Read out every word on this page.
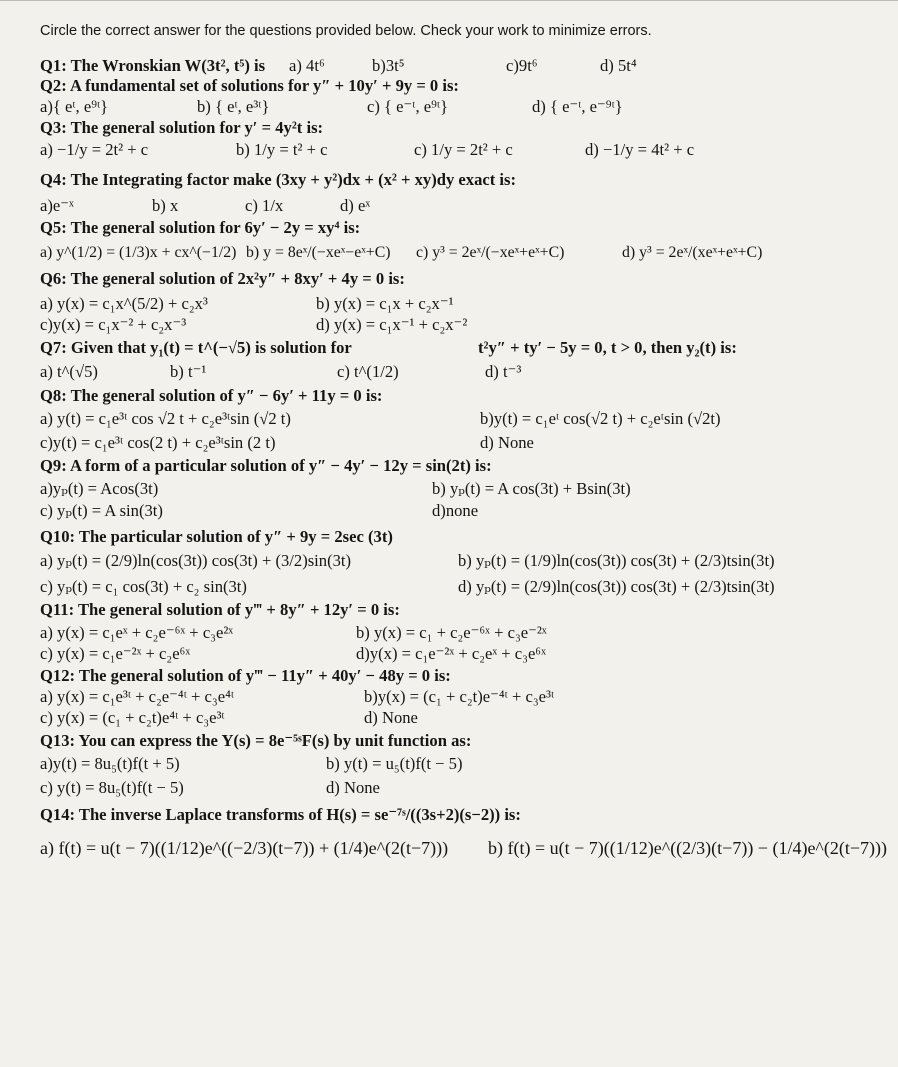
Circle the correct answer for the questions provided below. Check your work to minimize errors.
Q1: The Wronskian W(3t², t⁵) is a) 4t⁶	b)3t⁵	c)9t⁶	d) 5t⁴
Q2: A fundamental set of solutions for y″ + 10y′ + 9y = 0 is:
a){ eᵗ, e⁹ᵗ}	b) { eᵗ, e³ᵗ}	c) { e⁻ᵗ, e⁹ᵗ}	d) { e⁻ᵗ, e⁻⁹ᵗ}
Q3: The general solution for y′ = 4y²t is:
a) −1/y = 2t² + c	b) 1/y = t² + c	c) 1/y = 2t² + c	d) −1/y = 4t² + c
Q4: The Integrating factor make (3xy + y²)dx + (x² + xy)dy exact is:
a)e⁻ˣ	b) x	c) 1/x	d) eˣ
Q5: The general solution for 6y′ − 2y = xy⁴ is:
a) y^(1/2) = (1/3)x + cx^(−1/2) b) y = 8eˣ/(−xeˣ−eˣ+C) c) y³ = 2eˣ/(−xeˣ+eˣ+C)	d) y³ = 2eˣ/(xeˣ+eˣ+C)
Q6: The general solution of 2x²y″ + 8xy′ + 4y = 0 is:
a) y(x) = c₁x^(5/2) + c₂x³	b) y(x) = c₁x + c₂x⁻¹
c)y(x) = c₁x⁻² + c₂x⁻³	d) y(x) = c₁x⁻¹ + c₂x⁻²
Q7: Given that y₁(t) = t^(−√5) is solution for	t²y″ + ty′ − 5y = 0, t > 0, then y₂(t) is:
a) t^(√5)	b) t⁻¹	c) t^(1/2)	d) t⁻³
Q8: The general solution of y″ − 6y′ + 11y = 0 is:
a) y(t) = c₁e³ᵗ cos √2 t + c₂e³ᵗsin (√2 t)	b)y(t) = c₁eᵗ cos(√2 t) + c₂eᵗsin (√2t)
c)y(t) = c₁e³ᵗ cos(2 t) + c₂e³ᵗsin (2 t)	d) None
Q9: A form of a particular solution of y″ − 4y′ − 12y = sin(2t) is:
a)yₚ(t) = Acos(3t)	b) yₚ(t) = A cos(3t) + Bsin(3t)
c) yₚ(t) = A sin(3t)	d)none
Q10: The particular solution of y″ + 9y = 2sec (3t)
a) yₚ(t) = (2/9)ln(cos(3t)) cos(3t) + (3/2)sin(3t)	b) yₚ(t) = (1/9)ln(cos(3t)) cos(3t) + (2/3)tsin(3t)
c) yₚ(t) = c₁ cos(3t) + c₂ sin(3t)	d) yₚ(t) = (2/9)ln(cos(3t)) cos(3t) + (2/3)tsin(3t)
Q11: The general solution of y‴ + 8y″ + 12y′ = 0 is:
a) y(x) = c₁eˣ + c₂e⁻⁶ˣ + c₃e²ˣ	b) y(x) = c₁ + c₂e⁻⁶ˣ + c₃e⁻²ˣ
c) y(x) = c₁e⁻²ˣ + c₂e⁶ˣ	d)y(x) = c₁e⁻²ˣ + c₂eˣ + c₃e⁶ˣ
Q12: The general solution of y‴ − 11y″ + 40y′ − 48y = 0 is:
a) y(x) = c₁e³ᵗ + c₂e⁻⁴ᵗ + c₃e⁴ᵗ	b)y(x) = (c₁ + c₂t)e⁻⁴ᵗ + c₃e³ᵗ
c) y(x) = (c₁ + c₂t)e⁴ᵗ + c₃e³ᵗ	d) None
Q13: You can express the Y(s) = 8e⁻⁵ˢF(s) by unit function as:
a)y(t) = 8u₅(t)f(t + 5)	b) y(t) = u₅(t)f(t − 5)
c) y(t) = 8u₅(t)f(t − 5)	d) None
Q14: The inverse Laplace transforms of H(s) = se⁻⁷ˢ/((3s+2)(s−2)) is:
a) f(t) = u(t − 7)((1/12)e^((−2/3)(t−7)) + (1/4)e^(2(t−7))) b) f(t) = u(t − 7)((1/12)e^((2/3)(t−7)) − (1/4)e^(2(t−7)))
